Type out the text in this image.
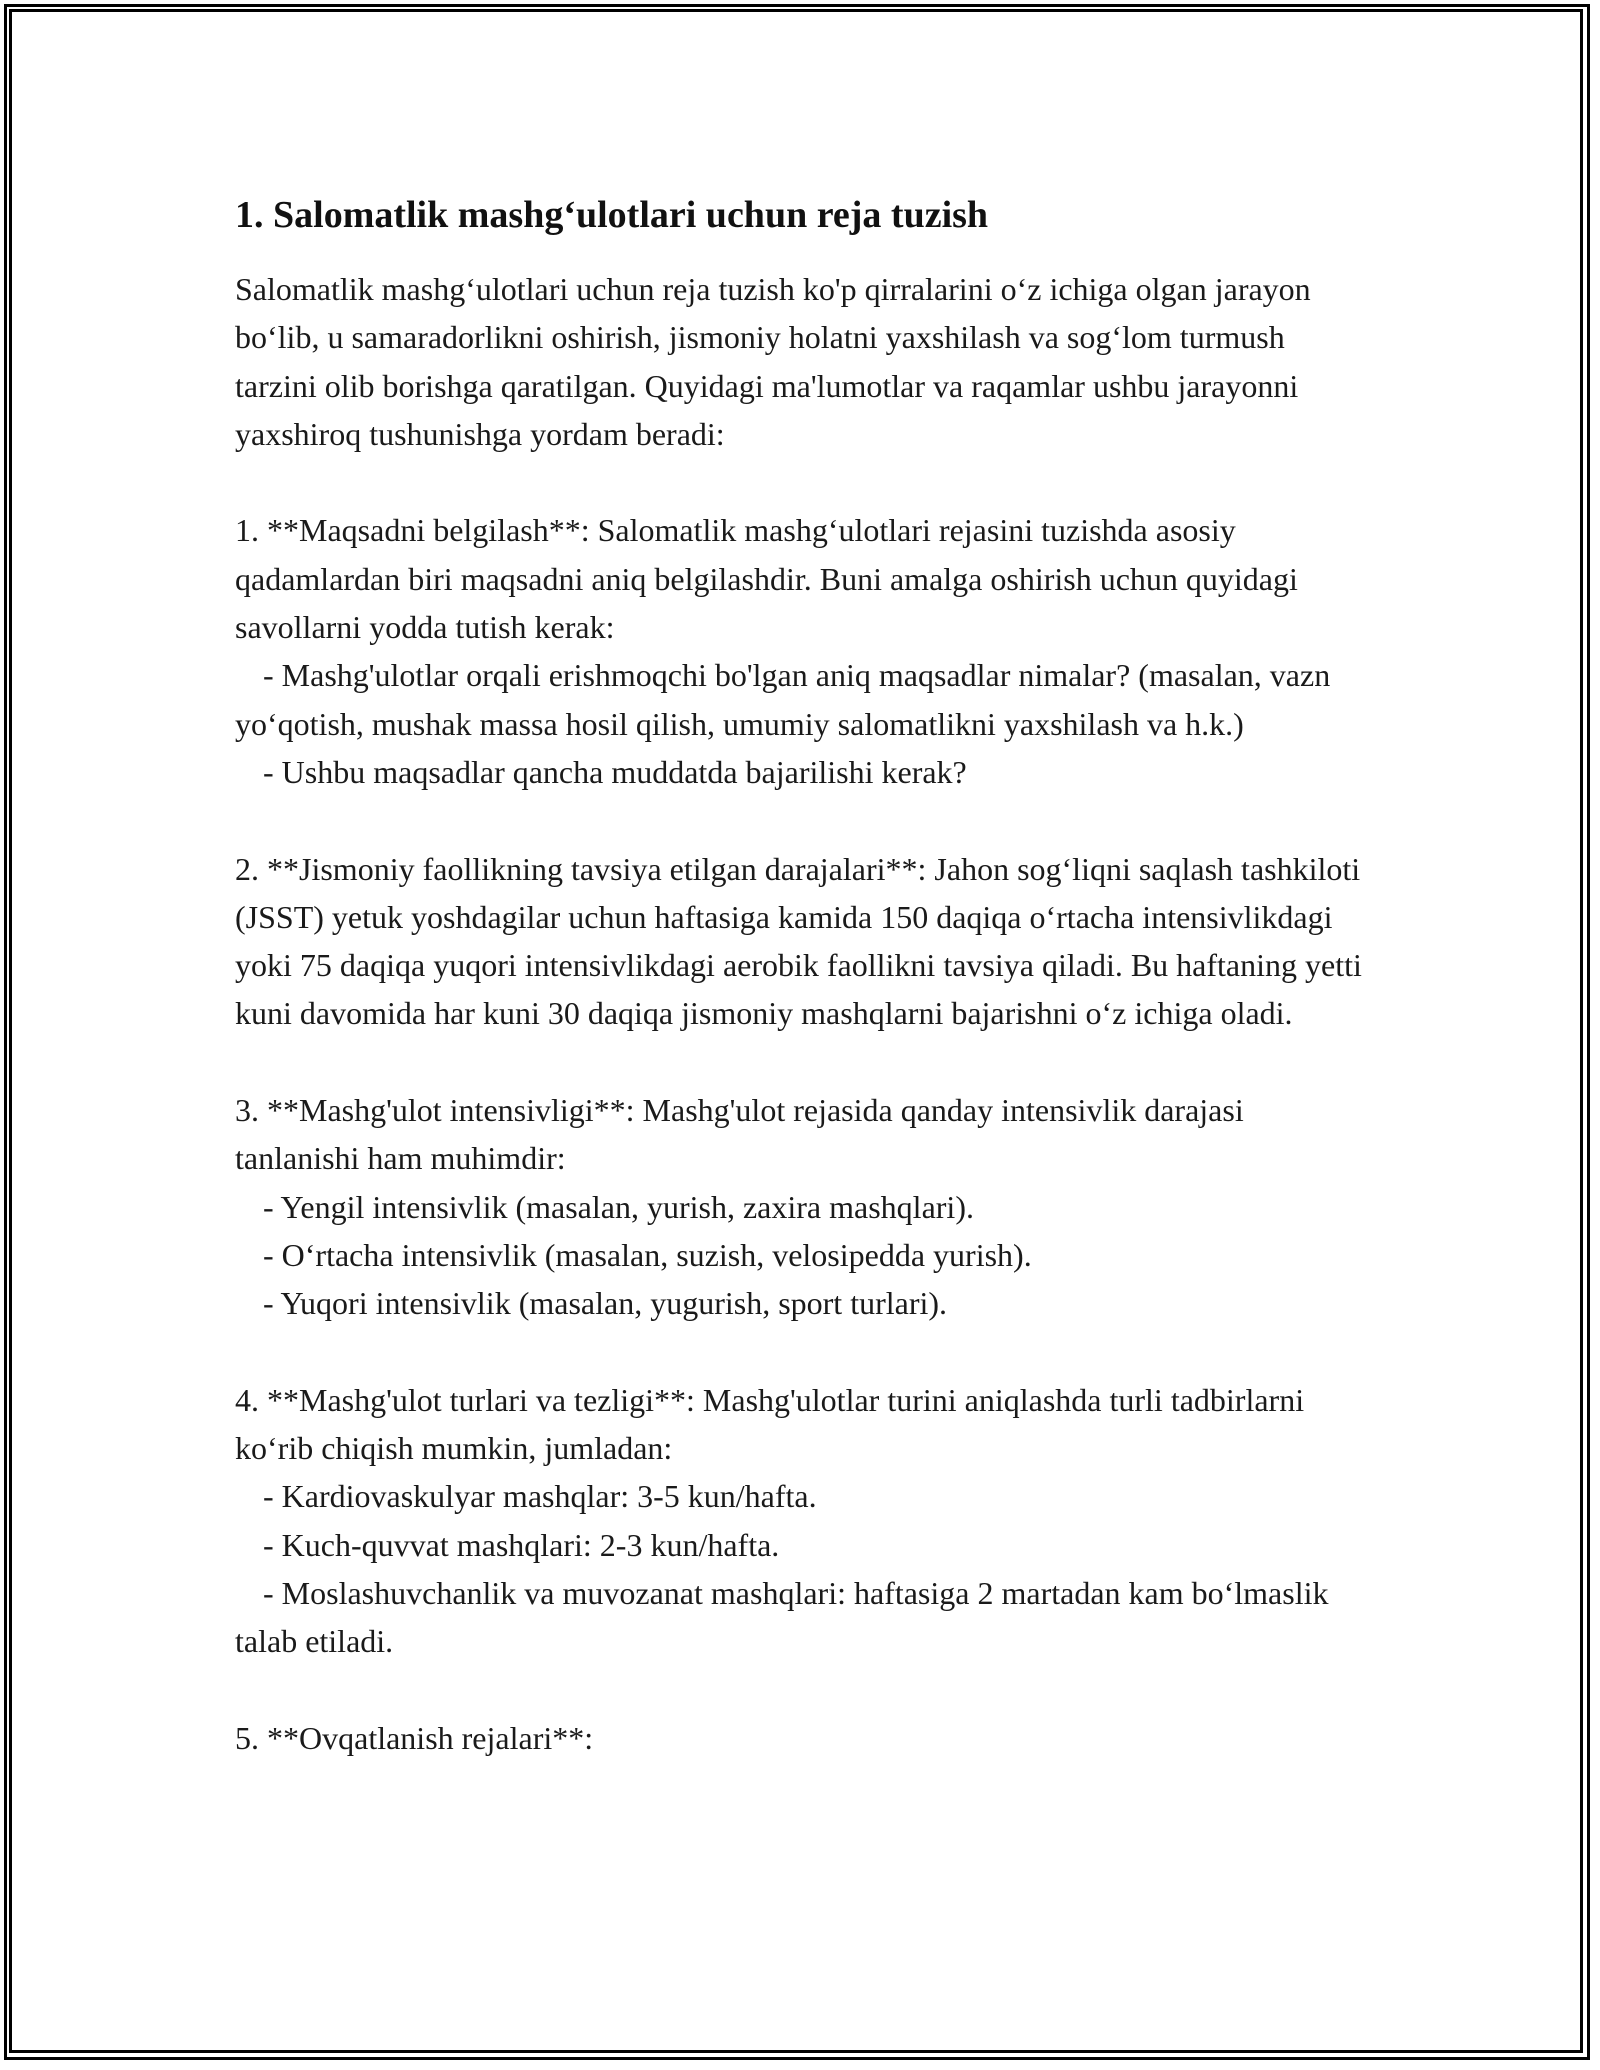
1. Salomatlik mashg‘ulotlari uchun reja tuzish

Salomatlik mashg‘ulotlari uchun reja tuzish ko'p qirralarini o‘z ichiga olgan jarayon bo‘lib, u samaradorlikni oshirish, jismoniy holatni yaxshilash va sog‘lom turmush tarzini olib borishga qaratilgan. Quyidagi ma'lumotlar va raqamlar ushbu jarayonni yaxshiroq tushunishga yordam beradi:

1. **Maqsadni belgilash**: Salomatlik mashg‘ulotlari rejasini tuzishda asosiy qadamlardan biri maqsadni aniq belgilashdir. Buni amalga oshirish uchun quyidagi savollarni yodda tutish kerak:

- Mashg'ulotlar orqali erishmoqchi bo'lgan aniq maqsadlar nimalar? (masalan, vazn yo‘qotish, mushak massa hosil qilish, umumiy salomatlikni yaxshilash va h.k.)

- Ushbu maqsadlar qancha muddatda bajarilishi kerak?

2. **Jismoniy faollikning tavsiya etilgan darajalari**: Jahon sog‘liqni saqlash tashkiloti (JSST) yetuk yoshdagilar uchun haftasiga kamida 150 daqiqa o‘rtacha intensivlikdagi yoki 75 daqiqa yuqori intensivlikdagi aerobik faollikni tavsiya qiladi. Bu haftaning yetti kuni davomida har kuni 30 daqiqa jismoniy mashqlarni bajarishni o‘z ichiga oladi.

3. **Mashg'ulot intensivligi**: Mashg'ulot rejasida qanday intensivlik darajasi tanlanishi ham muhimdir:

- Yengil intensivlik (masalan, yurish, zaxira mashqlari).

- O‘rtacha intensivlik (masalan, suzish, velosipedda yurish).

- Yuqori intensivlik (masalan, yugurish, sport turlari).

4. **Mashg'ulot turlari va tezligi**: Mashg'ulotlar turini aniqlashda turli tadbirlarni ko‘rib chiqish mumkin, jumladan:

- Kardiovaskulyar mashqlar: 3-5 kun/hafta.

- Kuch-quvvat mashqlari: 2-3 kun/hafta.

- Moslashuvchanlik va muvozanat mashqlari: haftasiga 2 martadan kam bo‘lmaslik talab etiladi.

5. **Ovqatlanish rejalari**:
